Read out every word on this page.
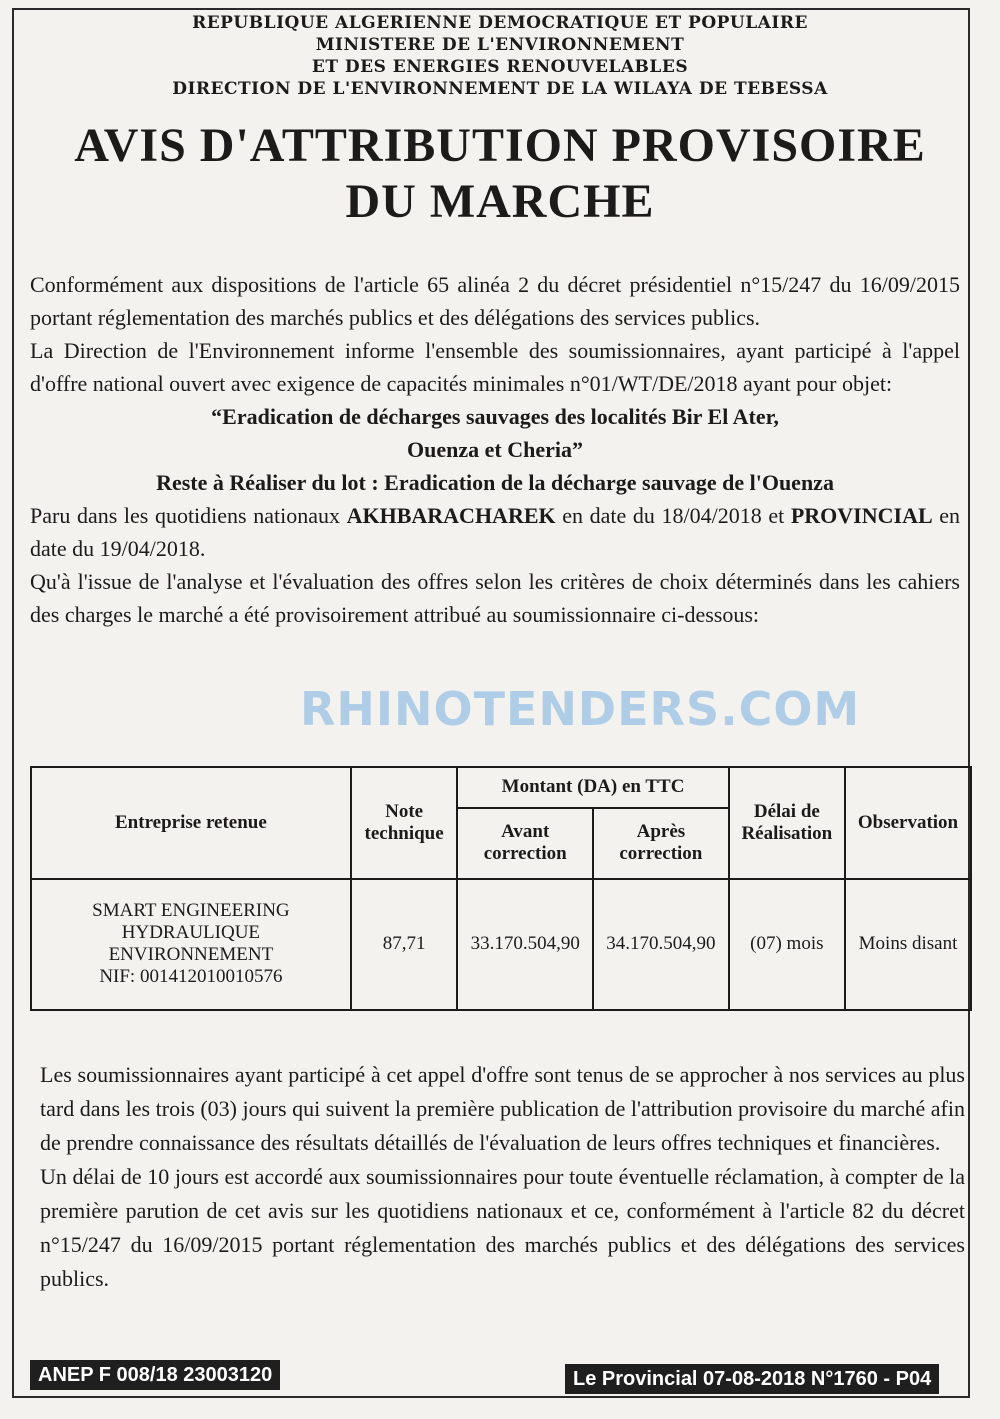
REPUBLIQUE ALGERIENNE DEMOCRATIQUE ET POPULAIRE
MINISTERE DE L'ENVIRONNEMENT
ET DES ENERGIES RENOUVELABLES
DIRECTION DE L'ENVIRONNEMENT DE LA WILAYA DE TEBESSA
AVIS D'ATTRIBUTION PROVISOIRE
DU MARCHE
Conformément aux dispositions de l'article 65 alinéa 2 du décret présidentiel n°15/247 du 16/09/2015 portant réglementation des marchés publics et des délégations des services publics.
La Direction de l'Environnement informe l'ensemble des soumissionnaires, ayant participé à l'appel d'offre national ouvert avec exigence de capacités minimales n°01/WT/DE/2018 ayant pour objet:
“Eradication de décharges sauvages des localités Bir El Ater,
Ouenza et Cheria”
Reste à Réaliser du lot : Eradication de la décharge sauvage de l'Ouenza
Paru dans les quotidiens nationaux AKHBARACHAREK en date du 18/04/2018 et PROVINCIAL en date du 19/04/2018.
Qu'à l'issue de l'analyse et l'évaluation des offres selon les critères de choix déterminés dans les cahiers des charges le marché a été provisoirement attribué au soumissionnaire ci-dessous:
RHINOTENDERS.COM
Entreprise retenue	Note technique	Montant (DA) en TTC		Délai de Réalisation	Observation
		Avant correction	Après correction		

SMART ENGINEERING
HYDRAULIQUE
ENVIRONNEMENT
NIF: 001412010010576	87,71	33.170.504,90	34.170.504,90	(07) mois	Moins disant
Les soumissionnaires ayant participé à cet appel d'offre sont tenus de se approcher à nos services au plus tard dans les trois (03) jours qui suivent la première publication de l'attribution provisoire du marché afin de prendre connaissance des résultats détaillés de l'évaluation de leurs offres techniques et financières.
Un délai de 10 jours est accordé aux soumissionnaires pour toute éventuelle réclamation, à compter de la première parution de cet avis sur les quotidiens nationaux et ce, conformément à l'article 82 du décret n°15/247 du 16/09/2015 portant réglementation des marchés publics et des délégations des services publics.
ANEP F 008/18 23003120	Le Provincial 07-08-2018 N°1760 - P04
